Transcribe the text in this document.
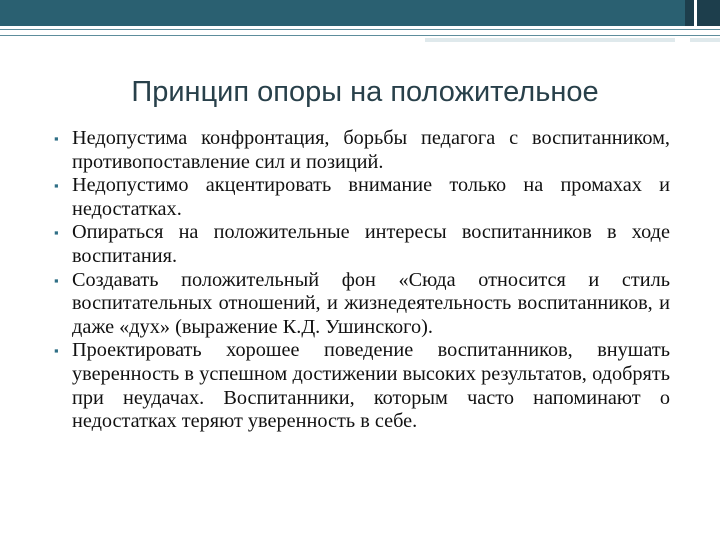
Принцип опоры на положительное
▪ Недопустима конфронтация, борьбы педагога с воспитанником, противопоставление сил и позиций.
▪ Недопустимо акцентировать внимание только на промахах и недостатках.
▪ Опираться на положительные интересы воспитанников в ходе воспитания.
▪ Создавать положительный фон «Сюда относится и стиль воспитательных отношений, и жизнедеятельность воспитанников, и даже «дух» (выражение К.Д. Ушинского).
▪ Проектировать хорошее поведение воспитанников, внушать уверенность в успешном достижении высоких результатов, одобрять при неудачах. Воспитанники, которым часто напоминают о недостатках теряют уверенность в себе.
